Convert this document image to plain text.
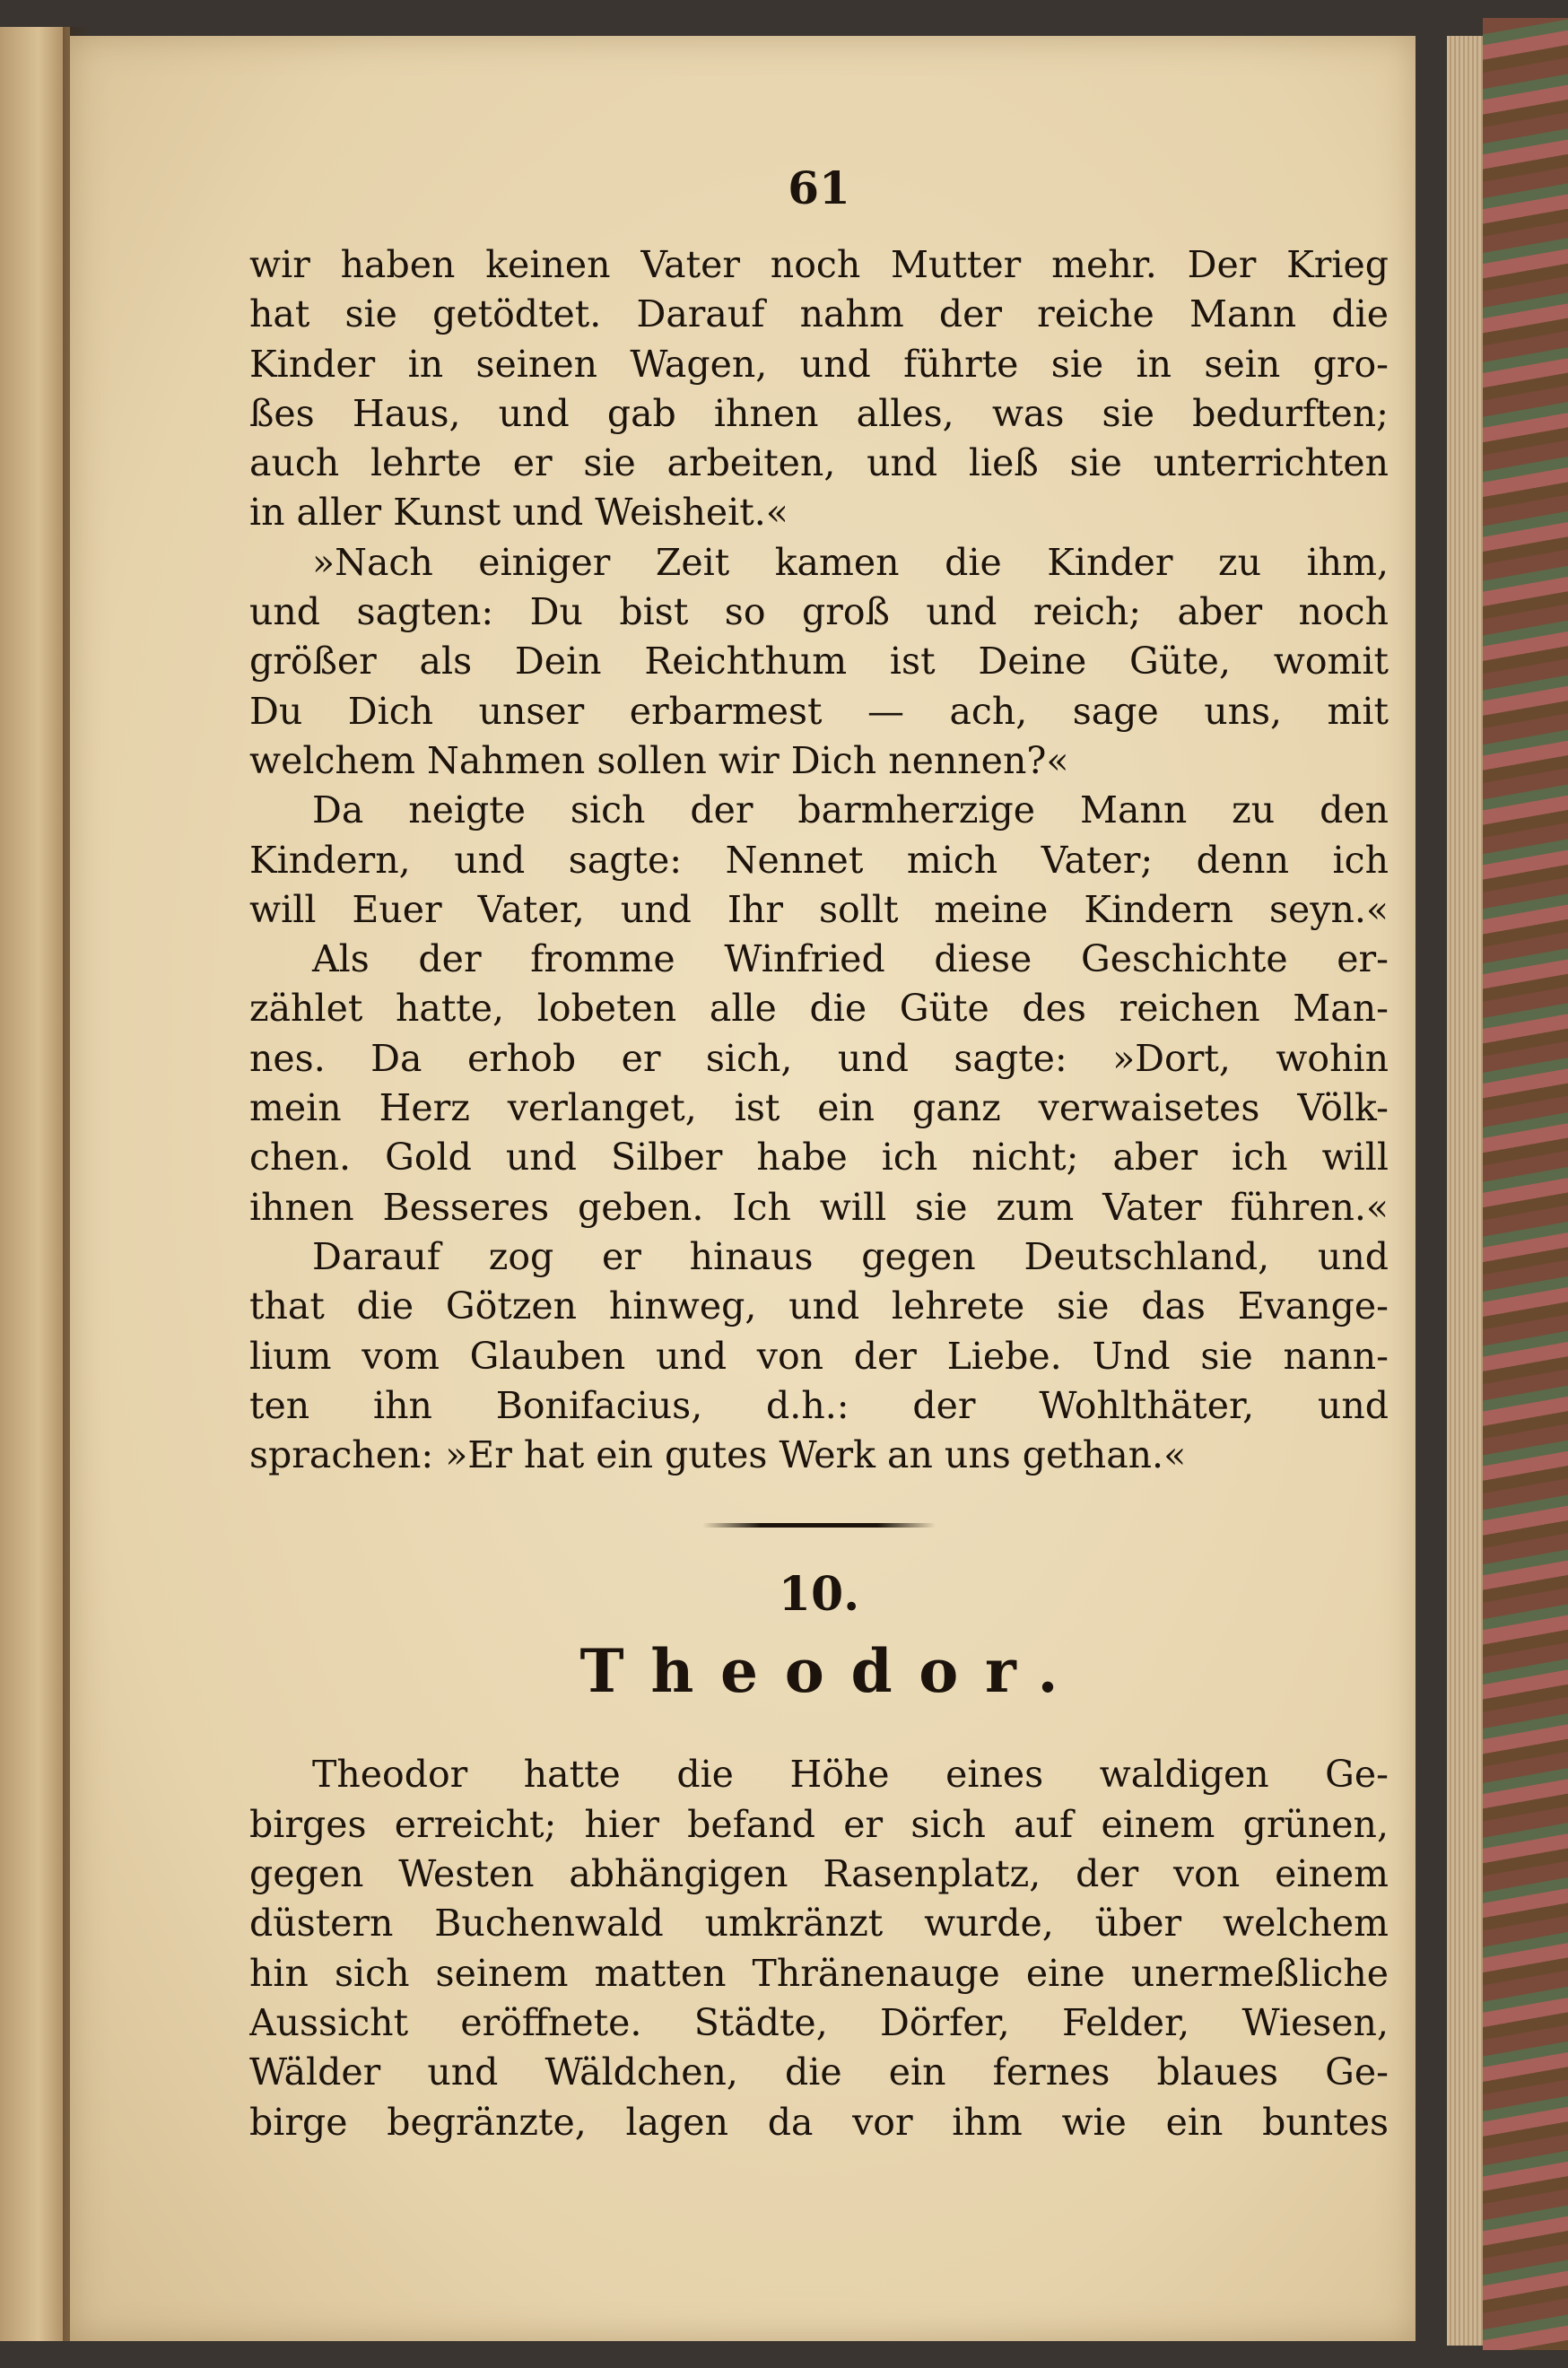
61
wir haben keinen Vater noch Mutter mehr. Der Krieg
hat sie getödtet. Darauf nahm der reiche Mann die
Kinder in seinen Wagen, und führte sie in sein gro-
ßes Haus, und gab ihnen alles, was sie bedurften;
auch lehrte er sie arbeiten, und ließ sie unterrichten
in aller Kunst und Weisheit.«
»Nach einiger Zeit kamen die Kinder zu ihm,
und sagten: Du bist so groß und reich; aber noch
größer als Dein Reichthum ist Deine Güte, womit
Du Dich unser erbarmest — ach, sage uns, mit
welchem Nahmen sollen wir Dich nennen?«
Da neigte sich der barmherzige Mann zu den
Kindern, und sagte: Nennet mich Vater; denn ich
will Euer Vater, und Ihr sollt meine Kindern seyn.«
Als der fromme Winfried diese Geschichte er-
zählet hatte, lobeten alle die Güte des reichen Man-
nes. Da erhob er sich, und sagte: »Dort, wohin
mein Herz verlanget, ist ein ganz verwaisetes Völk-
chen. Gold und Silber habe ich nicht; aber ich will
ihnen Besseres geben. Ich will sie zum Vater führen.«
Darauf zog er hinaus gegen Deutschland, und
that die Götzen hinweg, und lehrete sie das Evange-
lium vom Glauben und von der Liebe. Und sie nann-
ten ihn Bonifacius, d.h.: der Wohlthäter, und
sprachen: »Er hat ein gutes Werk an uns gethan.«
10.
Theodor.
Theodor hatte die Höhe eines waldigen Ge-
birges erreicht; hier befand er sich auf einem grünen,
gegen Westen abhängigen Rasenplatz, der von einem
düstern Buchenwald umkränzt wurde, über welchem
hin sich seinem matten Thränenauge eine unermeßliche
Aussicht eröffnete. Städte, Dörfer, Felder, Wiesen,
Wälder und Wäldchen, die ein fernes blaues Ge-
birge begränzte, lagen da vor ihm wie ein buntes
